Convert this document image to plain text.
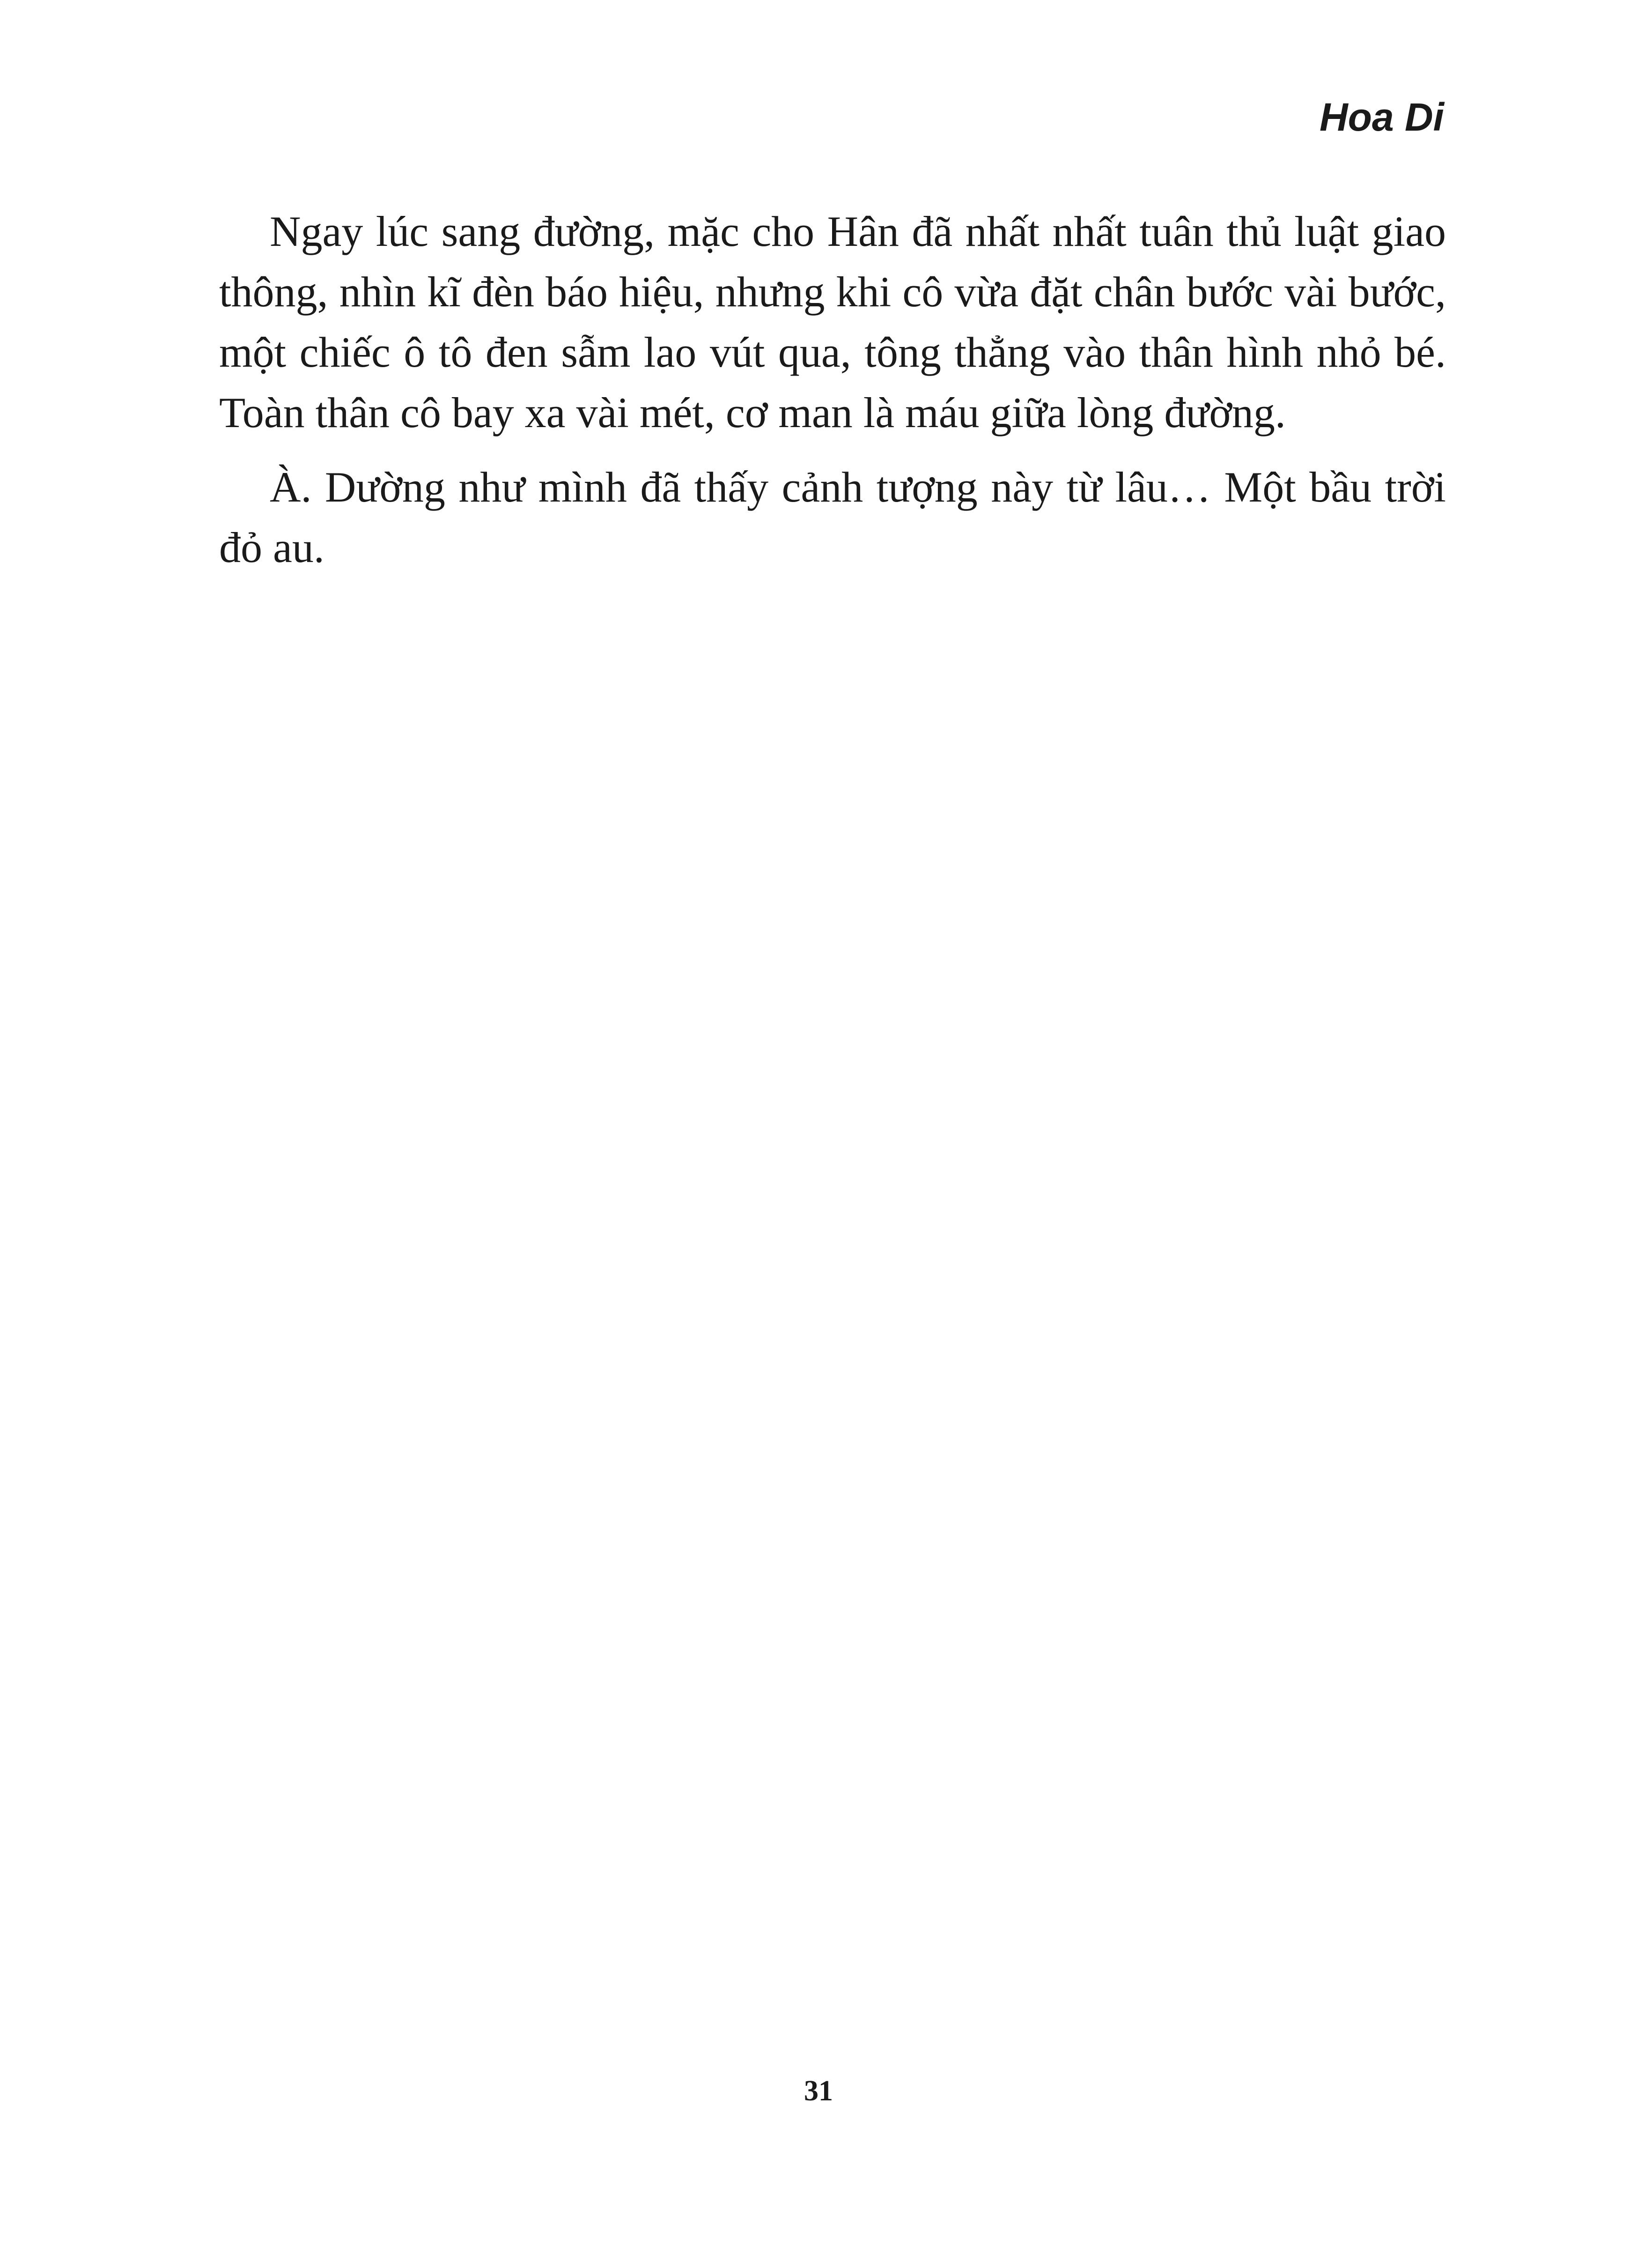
Hoa Di

Ngay lúc sang đường, mặc cho Hân đã nhất nhất tuân thủ luật giao thông, nhìn kĩ đèn báo hiệu, nhưng khi cô vừa đặt chân bước vài bước, một chiếc ô tô đen sẫm lao vút qua, tông thẳng vào thân hình nhỏ bé. Toàn thân cô bay xa vài mét, cơ man là máu giữa lòng đường.

À. Dường như mình đã thấy cảnh tượng này từ lâu… Một bầu trời đỏ au.

31
